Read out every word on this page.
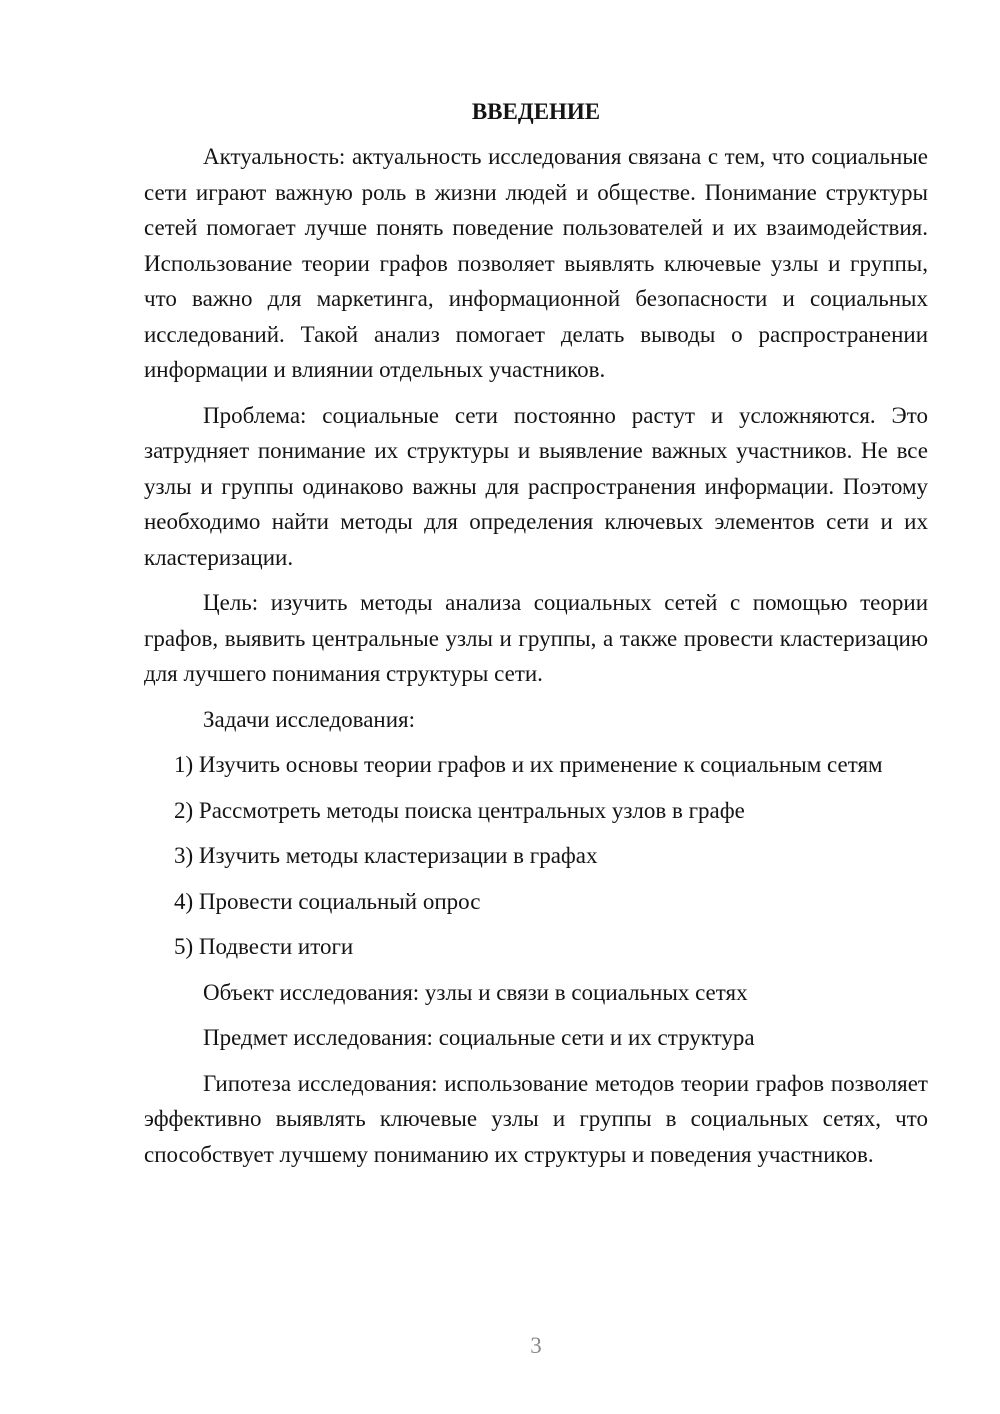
ВВЕДЕНИЕ

Актуальность: актуальность исследования связана с тем, что социальные сети играют важную роль в жизни людей и обществе. Понимание структуры сетей помогает лучше понять поведение пользователей и их взаимодействия. Использование теории графов позволяет выявлять ключевые узлы и группы, что важно для маркетинга, информационной безопасности и социальных исследований. Такой анализ помогает делать выводы о распространении информации и влиянии отдельных участников.

Проблема: социальные сети постоянно растут и усложняются. Это затрудняет понимание их структуры и выявление важных участников. Не все узлы и группы одинаково важны для распространения информации. Поэтому необходимо найти методы для определения ключевых элементов сети и их кластеризации.

Цель: изучить методы анализа социальных сетей с помощью теории графов, выявить центральные узлы и группы, а также провести кластеризацию для лучшего понимания структуры сети.

Задачи исследования:

1) Изучить основы теории графов и их применение к социальным сетям

2) Рассмотреть методы поиска центральных узлов в графе

3) Изучить методы кластеризации в графах

4) Провести социальный опрос

5) Подвести итоги

Объект исследования: узлы и связи в социальных сетях

Предмет исследования: социальные сети и их структура

Гипотеза исследования: использование методов теории графов позволяет эффективно выявлять ключевые узлы и группы в социальных сетях, что способствует лучшему пониманию их структуры и поведения участников.

3
